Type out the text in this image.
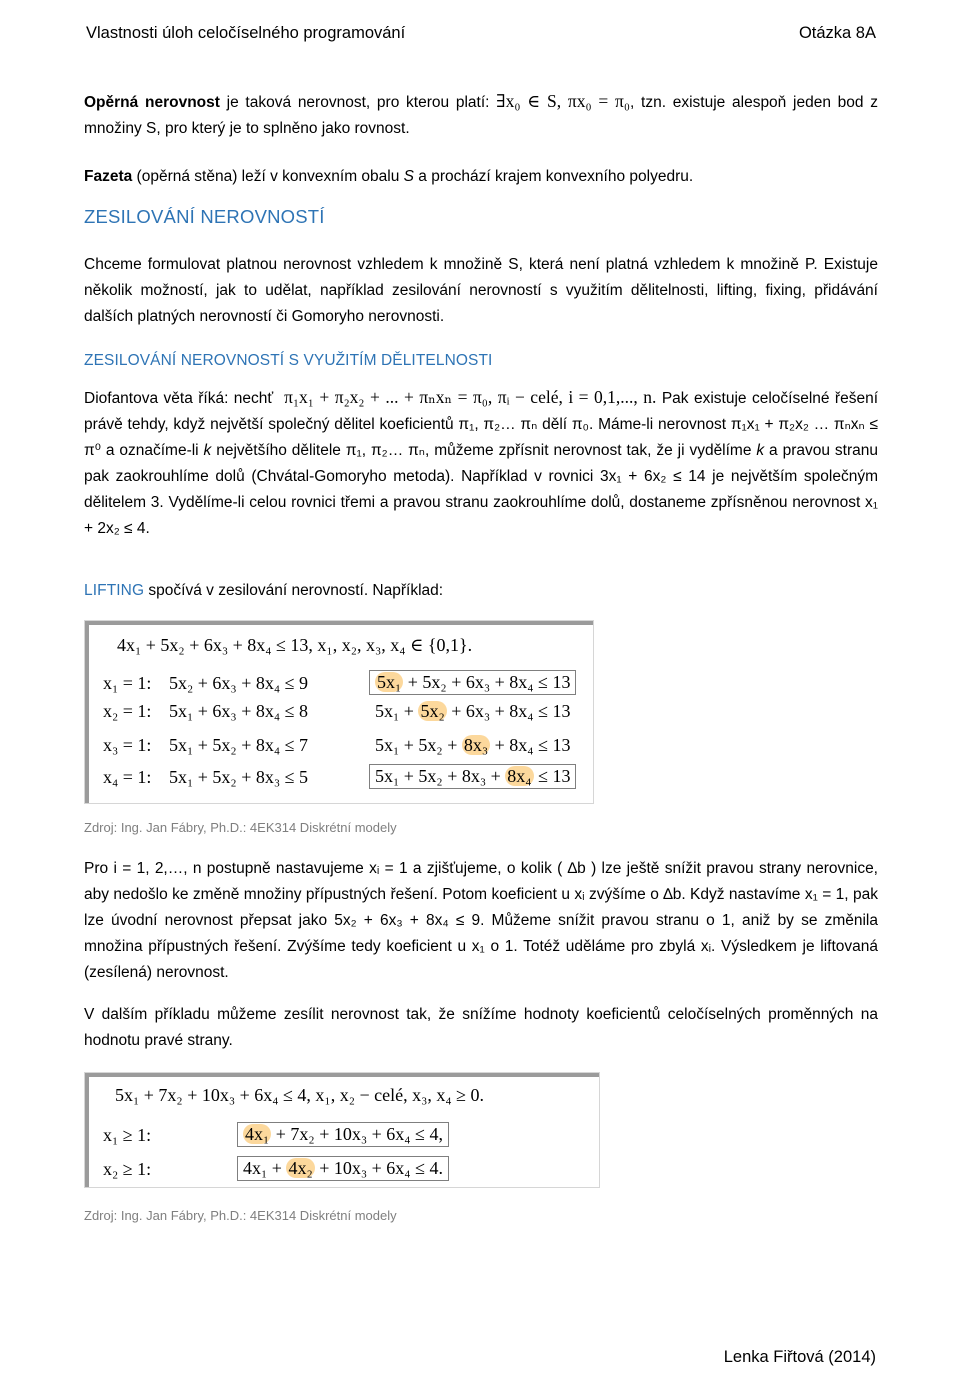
Vlastnosti úloh celočíselného programování	Otázka 8A
Opěrná nerovnost je taková nerovnost, pro kterou platí: ∃x₀ ∈ S, πx₀ = π₀, tzn. existuje alespoň jeden bod z množiny S, pro který je to splněno jako rovnost.
Fazeta (opěrná stěna) leží v konvexním obalu S a prochází krajem konvexního polyedru.
ZESILOVÁNÍ NEROVNOSTÍ
Chceme formulovat platnou nerovnost vzhledem k množině S, která není platná vzhledem k množině P. Existuje několik možností, jak to udělat, například zesilování nerovností s využitím dělitelnosti, lifting, fixing, přidávání dalších platných nerovností či Gomoryho nerovnosti.
ZESILOVÁNÍ NEROVNOSTÍ S VYUŽITÍM DĚLITELNOSTI
Diofantova věta říká: nechť π₁x₁ + π₂x₂ + ... + πₙxₙ = π₀, πᵢ − celé, i = 0,1,..., n. Pak existuje celočíselné řešení právě tehdy, když největší společný dělitel koeficientů π₁, π₂… πₙ dělí π₀. Máme-li nerovnost π₁x₁ + π₂x₂ … πₙxₙ ≤ π⁰ a označíme-li k největšího dělitele π₁, π₂… πₙ, můžeme zpřísnit nerovnost tak, že ji vydělíme k a pravou stranu pak zaokrouhlíme dolů (Chvátal-Gomoryho metoda). Například v rovnici 3x₁ + 6x₂ ≤ 14 je největším společným dělitelem 3. Vydělíme-li celou rovnici třemi a pravou stranu zaokrouhlíme dolů, dostaneme zpřísněnou nerovnost x₁ + 2x₂ ≤ 4.
LIFTING spočívá v zesilování nerovností. Například:
4x₁ + 5x₂ + 6x₃ + 8x₄ ≤ 13, x₁, x₂, x₃, x₄ ∈ {0,1}.
x₁ = 1: 5x₂ + 6x₃ + 8x₄ ≤ 9	5x₁ + 5x₂ + 6x₃ + 8x₄ ≤ 13
x₂ = 1: 5x₁ + 6x₃ + 8x₄ ≤ 8	5x₁ + 5x₂ + 6x₃ + 8x₄ ≤ 13
x₃ = 1: 5x₁ + 5x₂ + 8x₄ ≤ 7	5x₁ + 5x₂ + 8x₃ + 8x₄ ≤ 13
x₄ = 1: 5x₁ + 5x₂ + 8x₃ ≤ 5	5x₁ + 5x₂ + 8x₃ + 8x₄ ≤ 13
Zdroj: Ing. Jan Fábry, Ph.D.: 4EK314 Diskrétní modely
Pro i = 1, 2,…, n postupně nastavujeme xᵢ = 1 a zjišťujeme, o kolik ( ∆b ) lze ještě snížit pravou strany nerovnice, aby nedošlo ke změně množiny přípustných řešení. Potom koeficient u xᵢ zvýšíme o ∆b. Když nastavíme x₁ = 1, pak lze úvodní nerovnost přepsat jako 5x₂ + 6x₃ + 8x₄ ≤ 9. Můžeme snížit pravou stranu o 1, aniž by se změnila množina přípustných řešení. Zvýšíme tedy koeficient u x₁ o 1. Totéž uděláme pro zbylá xᵢ. Výsledkem je liftovaná (zesílená) nerovnost.
V dalším příkladu můžeme zesílit nerovnost tak, že snížíme hodnoty koeficientů celočíselných proměnných na hodnotu pravé strany.
5x₁ + 7x₂ + 10x₃ + 6x₄ ≤ 4, x₁, x₂ − celé, x₃, x₄ ≥ 0.
x₁ ≥ 1:	4x₁ + 7x₂ + 10x₃ + 6x₄ ≤ 4,
x₂ ≥ 1:	4x₁ + 4x₂ + 10x₃ + 6x₄ ≤ 4.
Zdroj: Ing. Jan Fábry, Ph.D.: 4EK314 Diskrétní modely
Lenka Fiřtová (2014)
